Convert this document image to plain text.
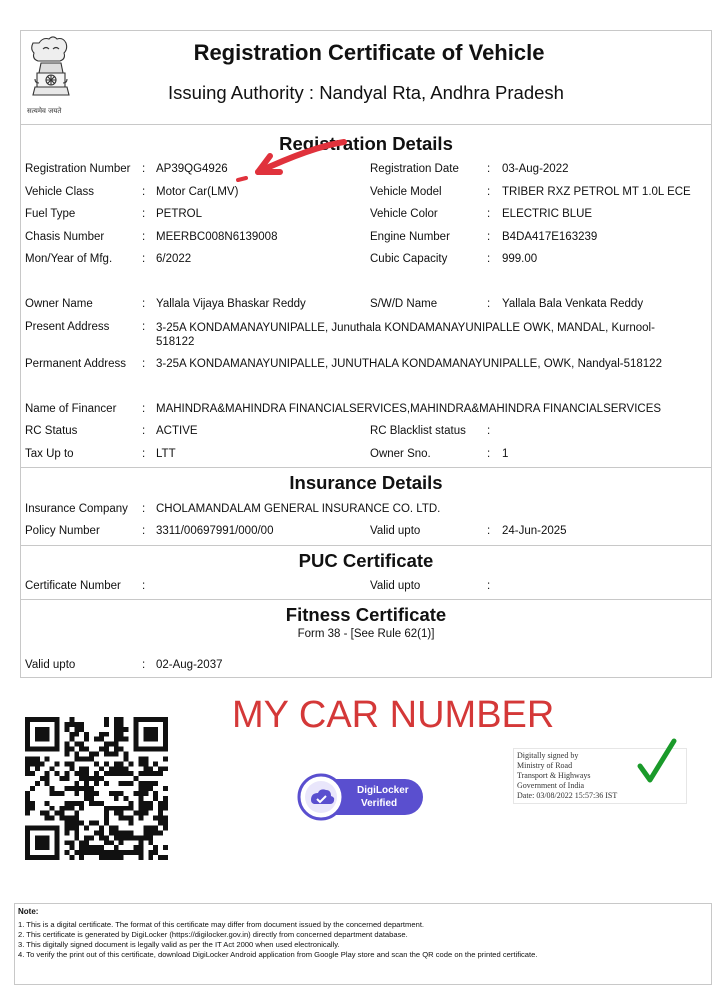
सत्यमेव जयते
Registration Certificate of Vehicle
Issuing Authority : Nandyal Rta, Andhra Pradesh
Registration Details
Registration Number : AP39QG4926	Registration Date : 03-Aug-2022
Vehicle Class	: Motor Car(LMV)	Vehicle Model	: TRIBER RXZ PETROL MT 1.0L ECE
Fuel Type	: PETROL	Vehicle Color	: ELECTRIC BLUE
Chasis Number	: MEERBC008N6139008	Engine Number	: B4DA417E163239
Mon/Year of Mfg.	: 6/2022	Cubic Capacity	: 999.00
Owner Name	: Yallala Vijaya Bhaskar Reddy	S/W/D Name	: Yallala Bala Venkata Reddy
Present Address	: 3-25A KONDAMANAYUNIPALLE, Junuthala KONDAMANAYUNIPALLE OWK, MANDAL, Kurnool-518122
Permanent Address : 3-25A KONDAMANAYUNIPALLE, JUNUTHALA KONDAMANAYUNIPALLE, OWK, Nandyal-518122
Name of Financer : MAHINDRA&MAHINDRA FINANCIALSERVICES,MAHINDRA&MAHINDRA FINANCIALSERVICES
RC Status	: ACTIVE	RC Blacklist status :
Tax Up to	: LTT	Owner Sno.	: 1
Insurance Details
Insurance Company : CHOLAMANDALAM GENERAL INSURANCE CO. LTD.
Policy Number	: 3311/00697991/000/00	Valid upto	: 24-Jun-2025
PUC Certificate
Certificate Number :	Valid upto	:
Fitness Certificate
Form 38 - [See Rule 62(1)]
Valid upto	: 02-Aug-2037
MY CAR NUMBER
DigiLocker
Verified
Digitally signed by
Ministry of Road
Transport & Highways
Government of India
Date: 03/08/2022 15:57:36 IST
Note:
1. This is a digital certificate. The format of this certificate may differ from document issued by the concerned department.
2. This certificate is generated by DigiLocker (https://digilocker.gov.in) directly from concerned department database.
3. This digitally signed document is legally valid as per the IT Act 2000 when used electronically.
4. To verify the print out of this certificate, download DigiLocker Android application from Google Play store and scan the QR code on the printed certificate.
